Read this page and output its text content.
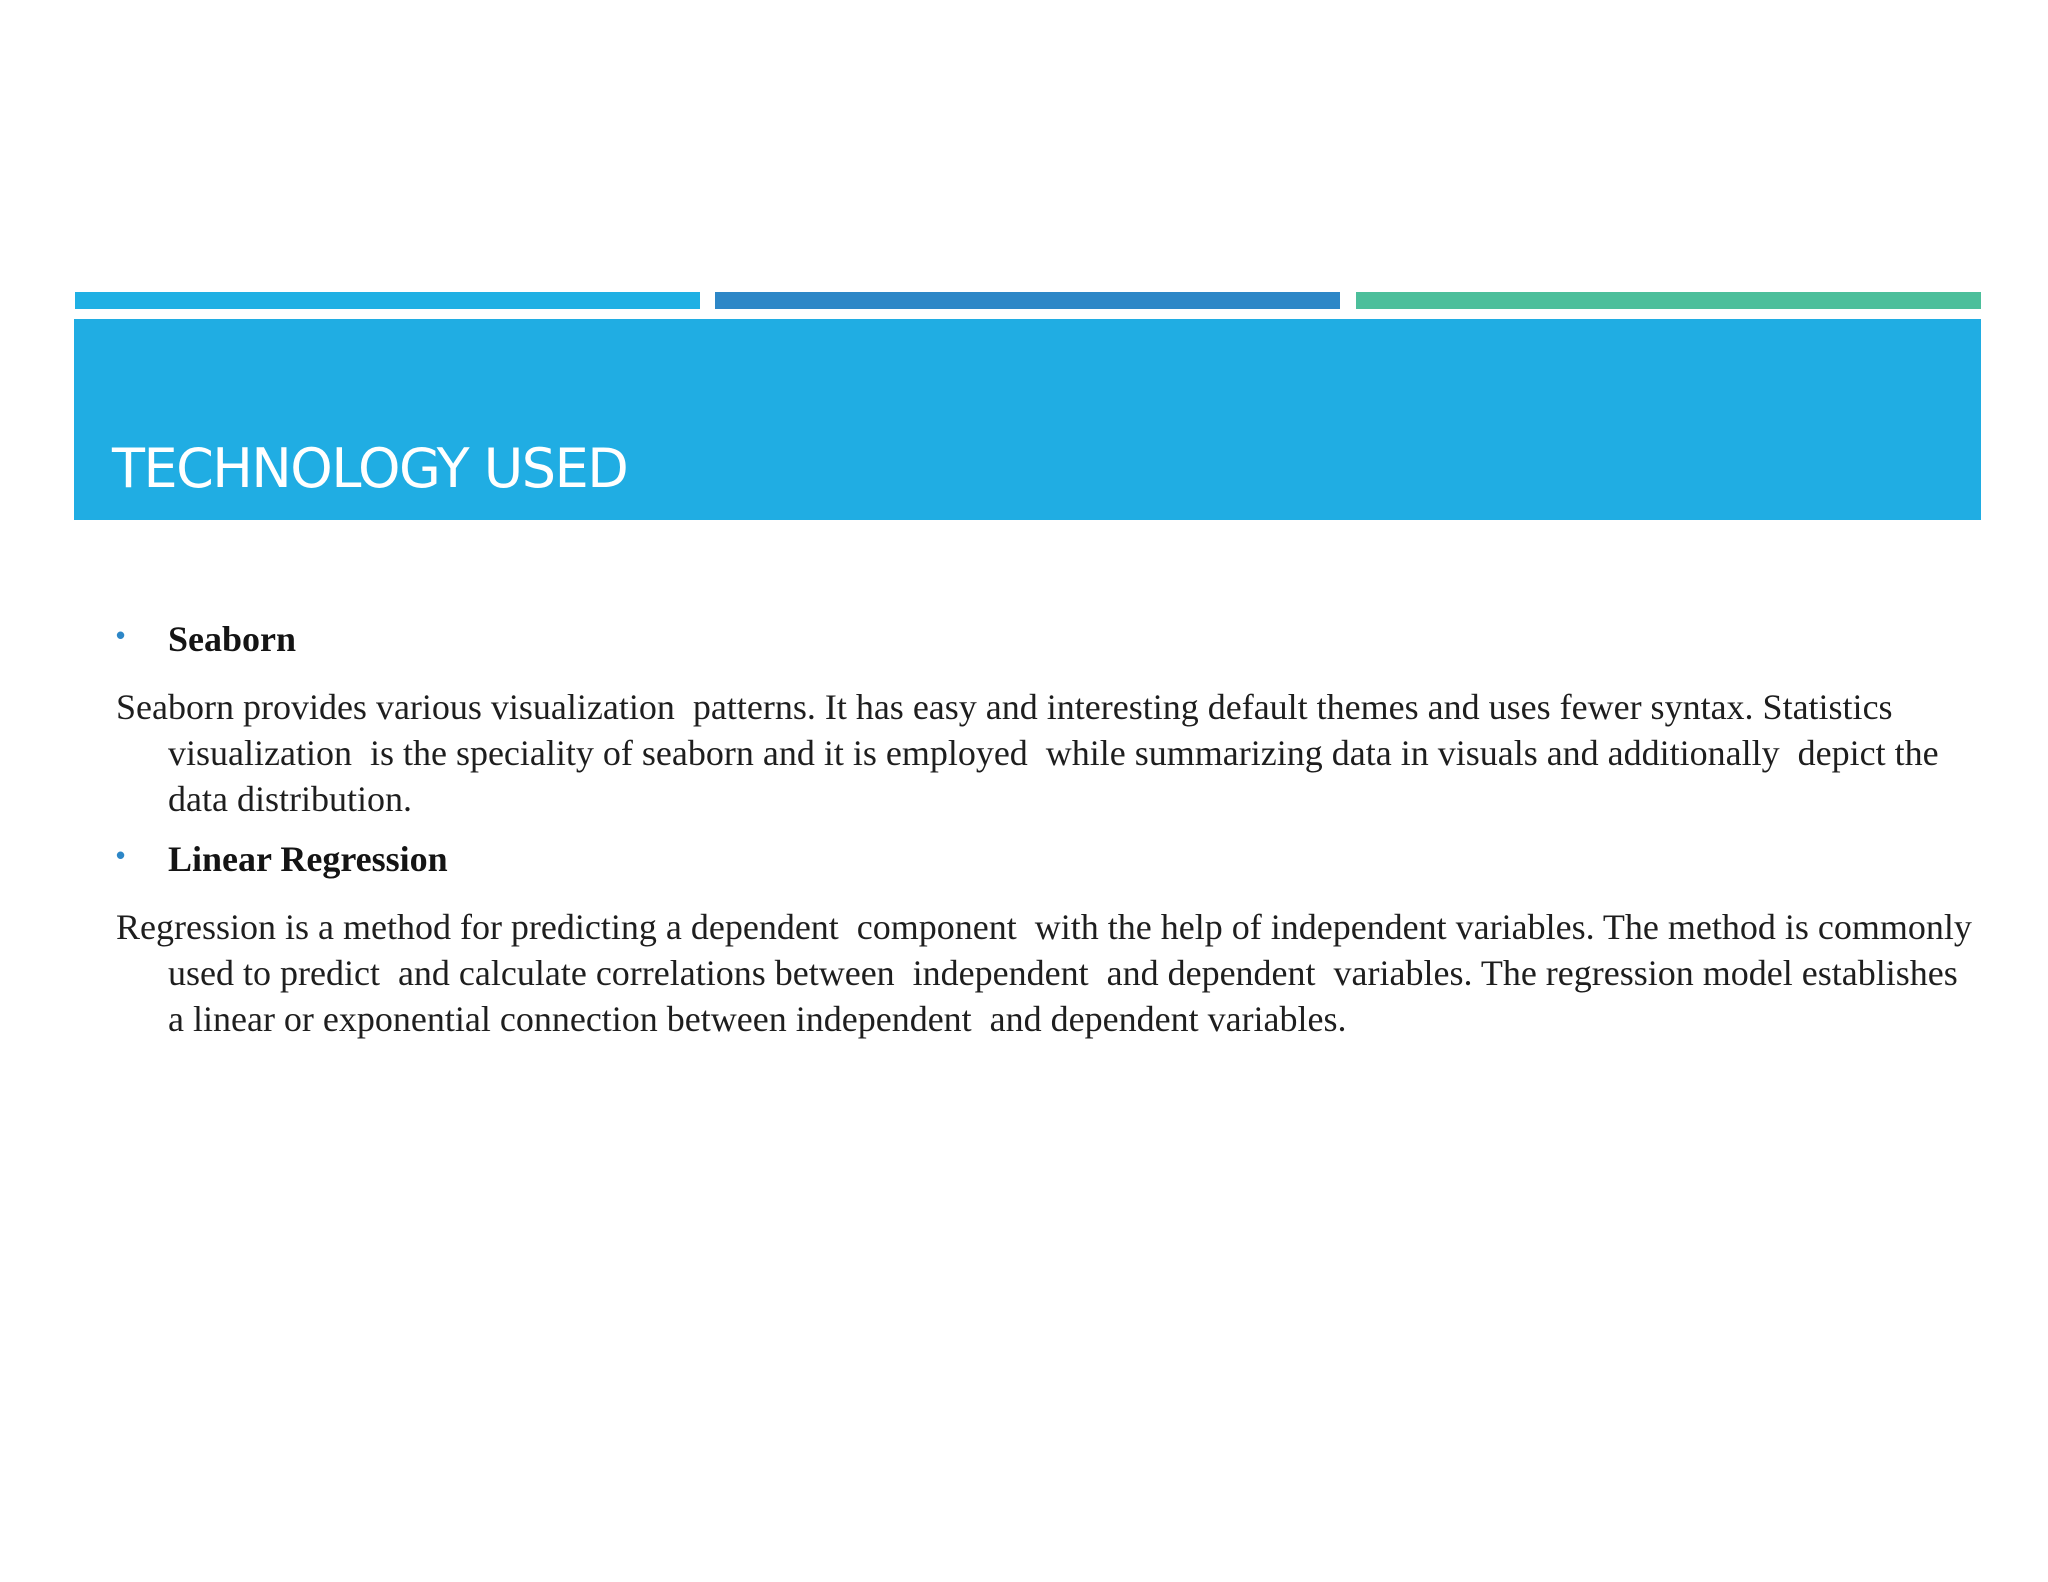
TECHNOLOGY USED
• Seaborn

Seaborn provides various visualization  patterns. It has easy and interesting default themes and uses fewer syntax. Statistics visualization  is the speciality of seaborn and it is employed  while summarizing data in visuals and additionally  depict the data distribution.

• Linear Regression

Regression is a method for predicting a dependent  component  with the help of independent variables. The method is commonly used to predict  and calculate correlations between  independent  and dependent  variables. The regression model establishes a linear or exponential connection between independent  and dependent variables.
